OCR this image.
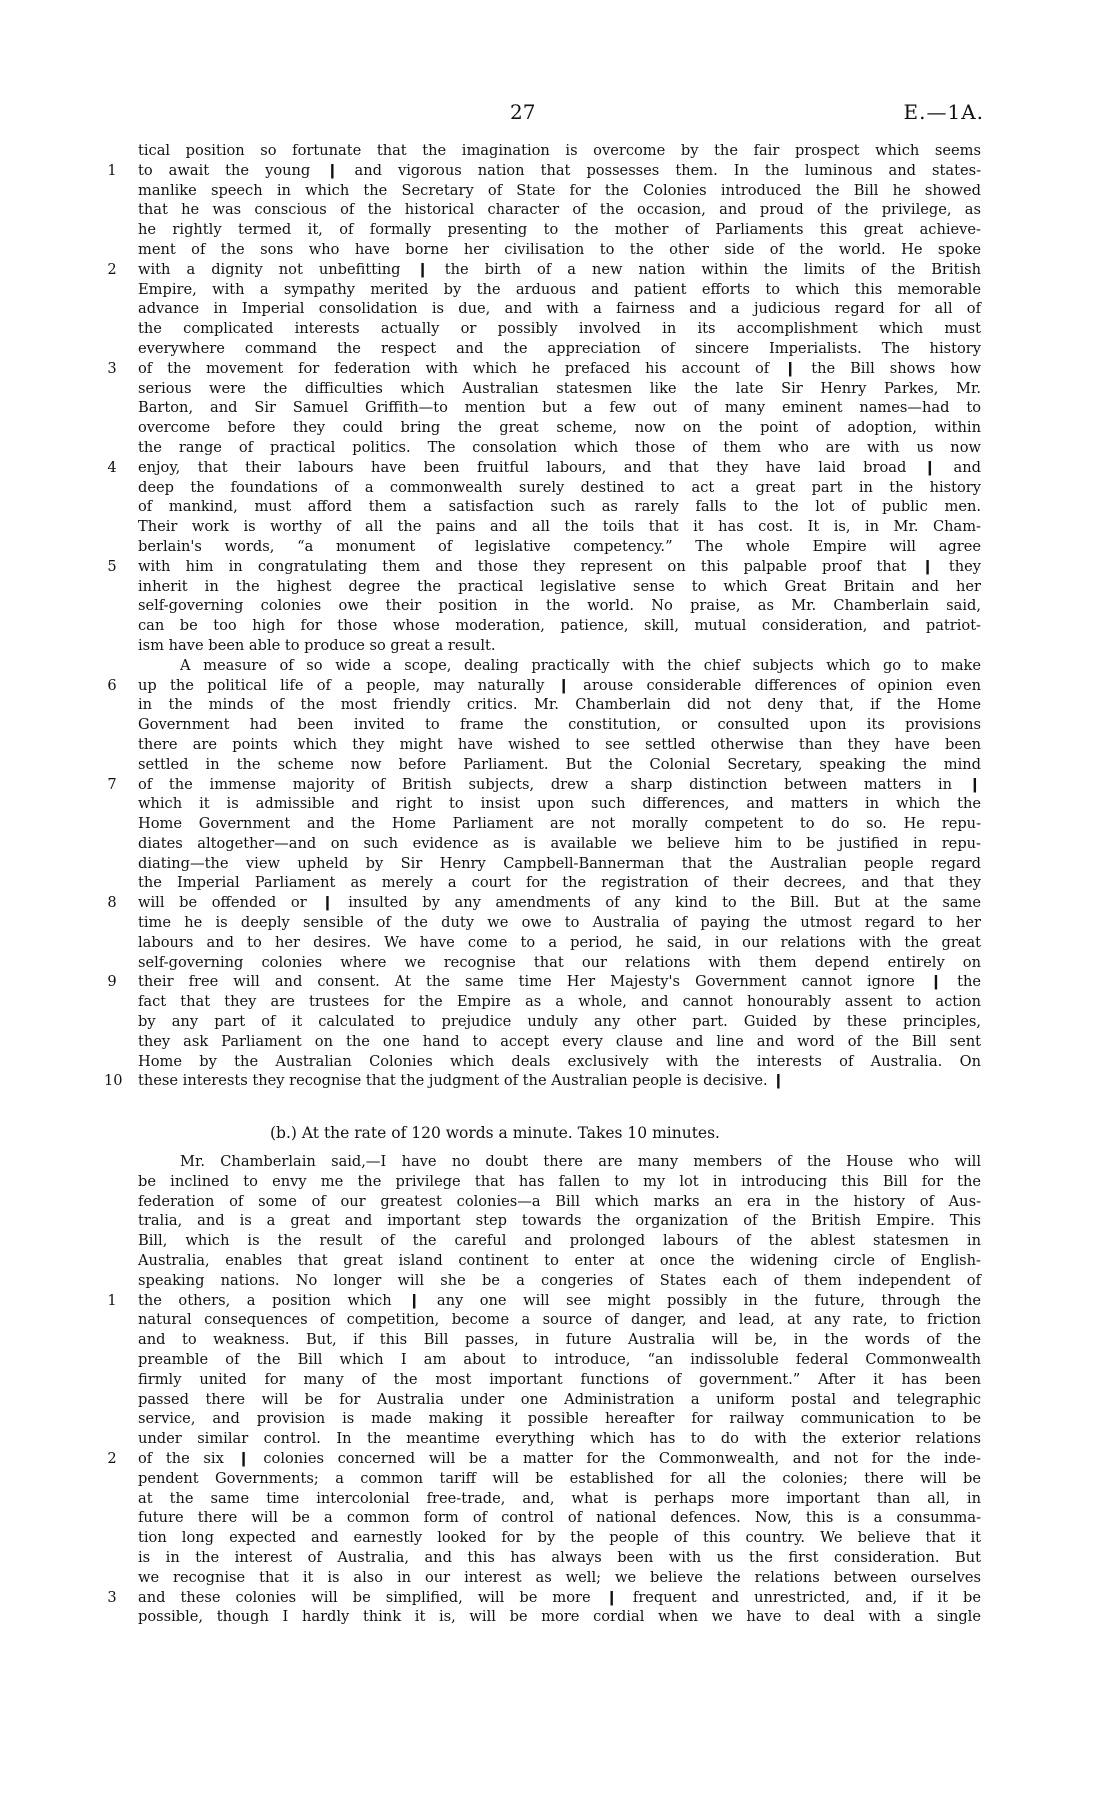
27	E.—1A.
tical position so fortunate that the imagination is overcome by the fair prospect which seems
1 to await the young ❙ and vigorous nation that possesses them. In the luminous and states-
manlike speech in which the Secretary of State for the Colonies introduced the Bill he showed
that he was conscious of the historical character of the occasion, and proud of the privilege, as
he rightly termed it, of formally presenting to the mother of Parliaments this great achieve-
ment of the sons who have borne her civilisation to the other side of the world. He spoke
2 with a dignity not unbefitting ❙ the birth of a new nation within the limits of the British
Empire, with a sympathy merited by the arduous and patient efforts to which this memorable
advance in Imperial consolidation is due, and with a fairness and a judicious regard for all of
the complicated interests actually or possibly involved in its accomplishment which must
everywhere command the respect and the appreciation of sincere Imperialists. The history
3 of the movement for federation with which he prefaced his account of ❙ the Bill shows how
serious were the difficulties which Australian statesmen like the late Sir Henry Parkes, Mr.
Barton, and Sir Samuel Griffith—to mention but a few out of many eminent names—had to
overcome before they could bring the great scheme, now on the point of adoption, within
the range of practical politics. The consolation which those of them who are with us now
4 enjoy, that their labours have been fruitful labours, and that they have laid broad ❙ and
deep the foundations of a commonwealth surely destined to act a great part in the history
of mankind, must afford them a satisfaction such as rarely falls to the lot of public men.
Their work is worthy of all the pains and all the toils that it has cost. It is, in Mr. Cham-
berlain's words, “a monument of legislative competency.” The whole Empire will agree
5 with him in congratulating them and those they represent on this palpable proof that ❙ they
inherit in the highest degree the practical legislative sense to which Great Britain and her
self-governing colonies owe their position in the world. No praise, as Mr. Chamberlain said,
can be too high for those whose moderation, patience, skill, mutual consideration, and patriot-
ism have been able to produce so great a result.
A measure of so wide a scope, dealing practically with the chief subjects which go to make
6 up the political life of a people, may naturally ❙ arouse considerable differences of opinion even
in the minds of the most friendly critics. Mr. Chamberlain did not deny that, if the Home
Government had been invited to frame the constitution, or consulted upon its provisions
there are points which they might have wished to see settled otherwise than they have been
settled in the scheme now before Parliament. But the Colonial Secretary, speaking the mind
7 of the immense majority of British subjects, drew a sharp distinction between matters in ❙
which it is admissible and right to insist upon such differences, and matters in which the
Home Government and the Home Parliament are not morally competent to do so. He repu-
diates altogether—and on such evidence as is available we believe him to be justified in repu-
diating—the view upheld by Sir Henry Campbell-Bannerman that the Australian people regard
the Imperial Parliament as merely a court for the registration of their decrees, and that they
8 will be offended or ❙ insulted by any amendments of any kind to the Bill. But at the same
time he is deeply sensible of the duty we owe to Australia of paying the utmost regard to her
labours and to her desires. We have come to a period, he said, in our relations with the great
self-governing colonies where we recognise that our relations with them depend entirely on
9 their free will and consent. At the same time Her Majesty's Government cannot ignore ❙ the
fact that they are trustees for the Empire as a whole, and cannot honourably assent to action
by any part of it calculated to prejudice unduly any other part. Guided by these principles,
they ask Parliament on the one hand to accept every clause and line and word of the Bill sent
Home by the Australian Colonies which deals exclusively with the interests of Australia. On
10 these interests they recognise that the judgment of the Australian people is decisive. ❙
(b.) At the rate of 120 words a minute. Takes 10 minutes.
Mr. Chamberlain said,—I have no doubt there are many members of the House who will
be inclined to envy me the privilege that has fallen to my lot in introducing this Bill for the
federation of some of our greatest colonies—a Bill which marks an era in the history of Aus-
tralia, and is a great and important step towards the organization of the British Empire. This
Bill, which is the result of the careful and prolonged labours of the ablest statesmen in
Australia, enables that great island continent to enter at once the widening circle of English-
speaking nations. No longer will she be a congeries of States each of them independent of
1 the others, a position which ❙ any one will see might possibly in the future, through the
natural consequences of competition, become a source of danger, and lead, at any rate, to friction
and to weakness. But, if this Bill passes, in future Australia will be, in the words of the
preamble of the Bill which I am about to introduce, “an indissoluble federal Commonwealth
firmly united for many of the most important functions of government.” After it has been
passed there will be for Australia under one Administration a uniform postal and telegraphic
service, and provision is made making it possible hereafter for railway communication to be
under similar control. In the meantime everything which has to do with the exterior relations
2 of the six ❙ colonies concerned will be a matter for the Commonwealth, and not for the inde-
pendent Governments; a common tariff will be established for all the colonies; there will be
at the same time intercolonial free-trade, and, what is perhaps more important than all, in
future there will be a common form of control of national defences. Now, this is a consumma-
tion long expected and earnestly looked for by the people of this country. We believe that it
is in the interest of Australia, and this has always been with us the first consideration. But
we recognise that it is also in our interest as well; we believe the relations between ourselves
3 and these colonies will be simplified, will be more ❙ frequent and unrestricted, and, if it be
possible, though I hardly think it is, will be more cordial when we have to deal with a single
